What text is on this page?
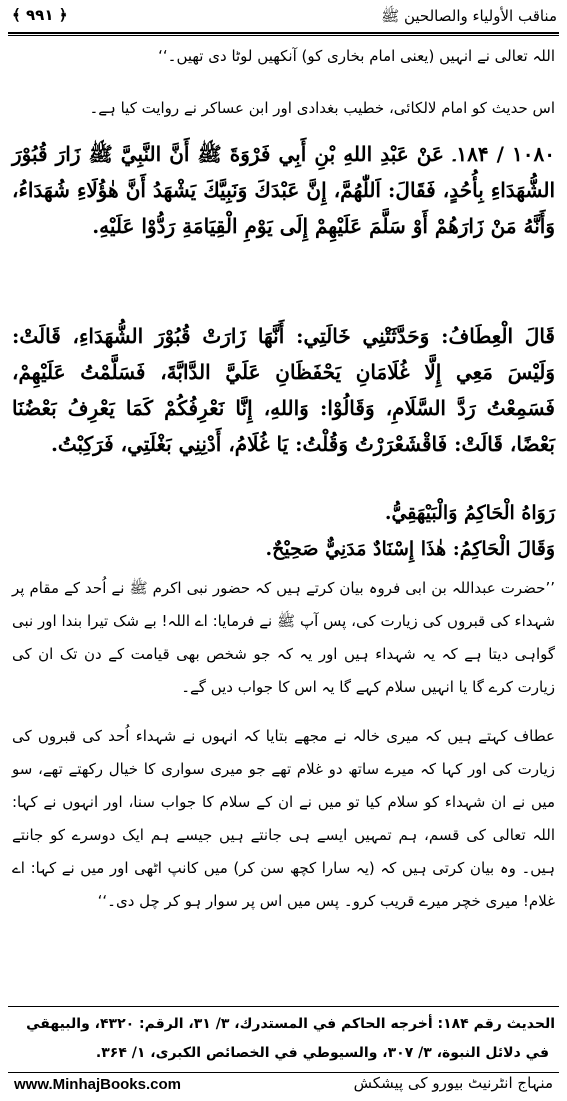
مناقب الأولياء والصالحين ﷺ
﴿ ۹۹۱ ﴾
اللہ تعالی نے انہیں (یعنی امام بخاری کو) آنکھیں لوٹا دی تھیں۔‘‘
اس حدیث کو امام لالکائی، خطیب بغدادی اور ابن عساکر نے روایت کیا ہے۔
۱۰۸۰ / ۱۸۴۔ عَنْ عَبْدِ اللهِ بْنِ أَبِي فَرْوَةَ ﷺ أَنَّ النَّبِيَّ ﷺ زَارَ قُبُوْرَ الشُّهَدَاءِ بِأُحُدٍ، فَقَالَ: اَللّٰهُمَّ، إِنَّ عَبْدَكَ وَنَبِيَّكَ يَشْهَدُ أَنَّ هٰؤُلَاءِ شُهَدَاءُ، وَأَنَّهُ مَنْ زَارَهُمْ أَوْ سَلَّمَ عَلَيْهِمْ إِلَى يَوْمِ الْقِيَامَةِ رَدُّوْا عَلَيْهِ.
قَالَ الْعِطَافُ: وَحَدَّثَتْنِي خَالَتِي: أَنَّهَا زَارَتْ قُبُوْرَ الشُّهَدَاءِ، قَالَتْ: وَلَيْسَ مَعِي إِلَّا غُلَامَانِ يَحْفَظَانِ عَلَيَّ الدَّابَّةَ، فَسَلَّمْتُ عَلَيْهِمْ، فَسَمِعْتُ رَدَّ السَّلَامِ، وَقَالُوْا: وَاللهِ، إِنَّا نَعْرِفُكُمْ كَمَا يَعْرِفُ بَعْضُنَا بَعْضًا، قَالَتْ: فَاقْشَعْرَرْتُ وَقُلْتُ: يَا غُلَامُ، أَدْنِنِي بَغْلَتِي، فَرَكِبْتُ.
رَوَاهُ الْحَاكِمُ وَالْبَيْهَقِيُّ.
وَقَالَ الْحَاكِمُ: هٰذَا إِسْنَادٌ مَدَنِيٌّ صَحِيْحٌ.
’’حضرت عبداللہ بن ابی فروہ بیان کرتے ہیں کہ حضور نبی اکرم ﷺ نے اُحد کے مقام پر شہداء کی قبروں کی زیارت کی، پس آپ ﷺ نے فرمایا: اے اللہ! بے شک تیرا بندا اور نبی گواہی دیتا ہے کہ یہ شہداء ہیں اور یہ کہ جو شخص بھی قیامت کے دن تک ان کی زیارت کرے گا یا انہیں سلام کہے گا یہ اس کا جواب دیں گے۔
عطاف کہتے ہیں کہ میری خالہ نے مجھے بتایا کہ انہوں نے شہداء اُحد کی قبروں کی زیارت کی اور کہا کہ میرے ساتھ دو غلام تھے جو میری سواری کا خیال رکھتے تھے، سو میں نے ان شہداء کو سلام کیا تو میں نے ان کے سلام کا جواب سنا، اور انہوں نے کہا: اللہ تعالی کی قسم، ہم تمہیں ایسے ہی جانتے ہیں جیسے ہم ایک دوسرے کو جانتے ہیں۔ وہ بیان کرتی ہیں کہ (یہ سارا کچھ سن کر) میں کانپ اٹھی اور میں نے کہا: اے غلام! میری خچر میرے قریب کرو۔ پس میں اس پر سوار ہو کر چل دی۔‘‘
الحديث رقم ۱۸۴: أخرجه الحاكم في المستدرك، ۳/ ۳۱، الرقم: ۴۳۲۰، والبيهقي
في دلائل النبوة، ۳/ ۳۰۷، والسيوطي في الخصائص الكبرى، ۱/ ۳۶۴.
www.MinhajBooks.com	منہاج انٹرنیٹ بیورو کی پیشکش
